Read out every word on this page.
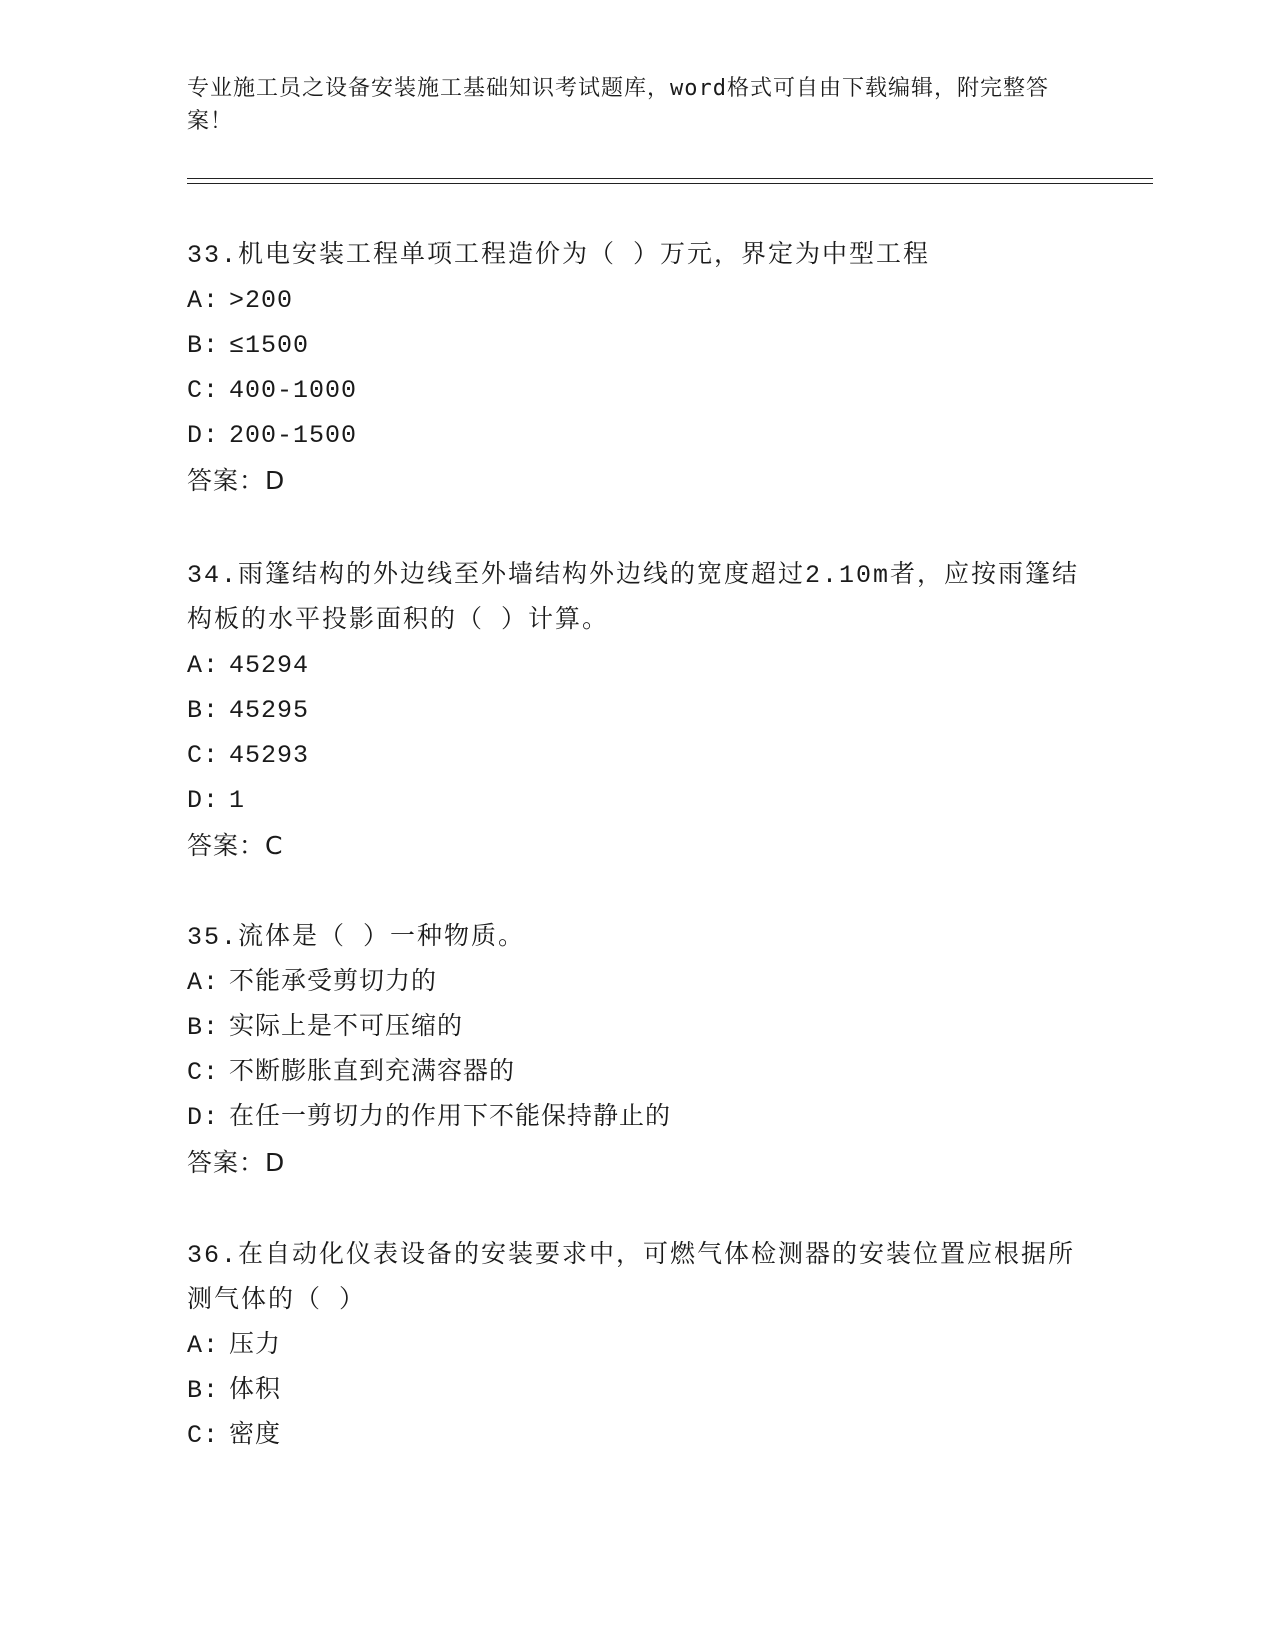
专业施工员之设备安装施工基础知识考试题库，word格式可自由下载编辑，附完整答案！
33.机电安装工程单项工程造价为（ ）万元，界定为中型工程
A: >200
B: ≤1500
C: 400-1000
D: 200-1500
答案：D
34.雨篷结构的外边线至外墙结构外边线的宽度超过2.10m者，应按雨篷结构板的水平投影面积的（ ）计算。
A: 45294
B: 45295
C: 45293
D: 1
答案：C
35.流体是（ ）一种物质。
A: 不能承受剪切力的
B: 实际上是不可压缩的
C: 不断膨胀直到充满容器的
D: 在任一剪切力的作用下不能保持静止的
答案：D
36.在自动化仪表设备的安装要求中，可燃气体检测器的安装位置应根据所测气体的（ ）
A: 压力
B: 体积
C: 密度
